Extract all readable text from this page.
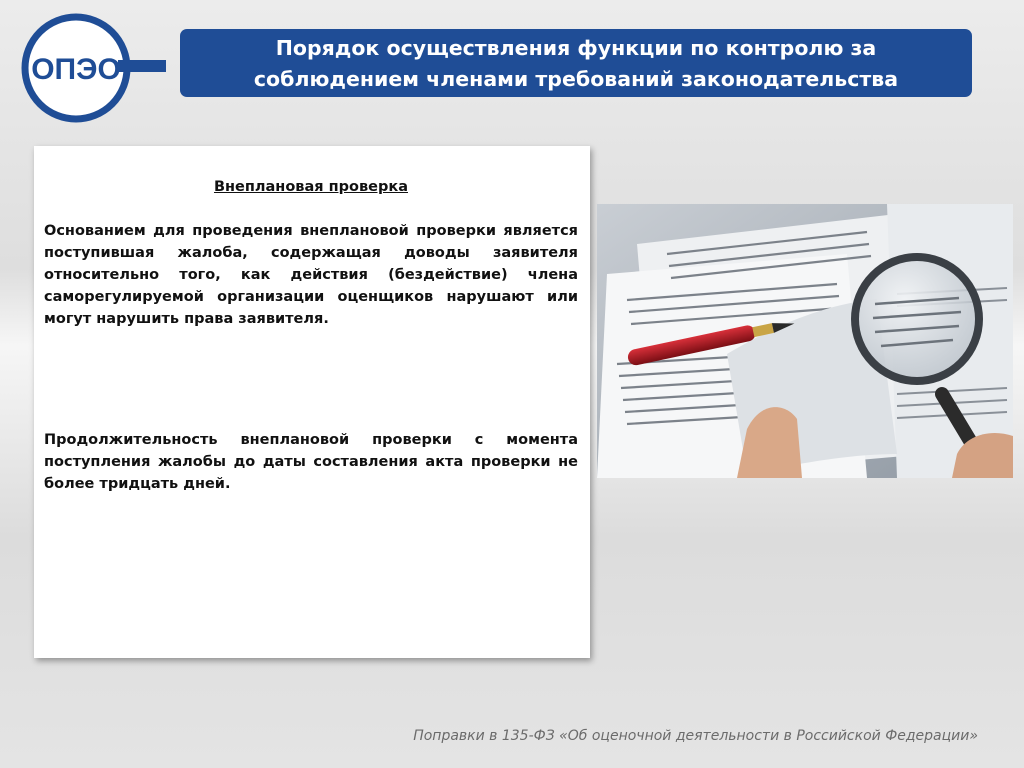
ОПЭО
Порядок осуществления функции по контролю за соблюдением членами требований законодательства
Внеплановая проверка

Основанием для проведения внеплановой проверки является поступившая жалоба, содержащая доводы заявителя относительно того, как действия (бездействие) члена саморегулируемой организации оценщиков нарушают или могут нарушить права заявителя.

Продолжительность внеплановой проверки с момента поступления жалобы до даты составления акта проверки не более тридцать дней.

Поправки в 135-ФЗ «Об оценочной деятельности в Российской Федерации»
